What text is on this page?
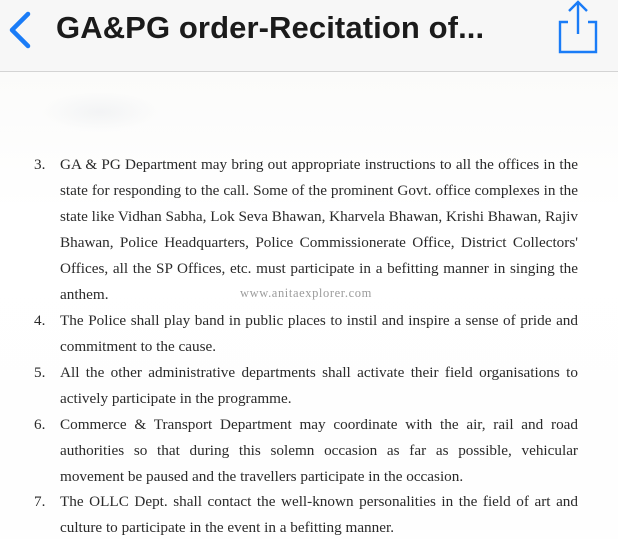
GA&PG order-Recitation of...
3. GA & PG Department may bring out appropriate instructions to all the offices in the state for responding to the call. Some of the prominent Govt. office complexes in the state like Vidhan Sabha, Lok Seva Bhawan, Kharvela Bhawan, Krishi Bhawan, Rajiv Bhawan, Police Headquarters, Police Commissionerate Office, District Collectors' Offices, all the SP Offices, etc. must participate in a befitting manner in singing the anthem.
4. The Police shall play band in public places to instil and inspire a sense of pride and commitment to the cause.
5. All the other administrative departments shall activate their field organisations to actively participate in the programme.
6. Commerce & Transport Department may coordinate with the air, rail and road authorities so that during this solemn occasion as far as possible, vehicular movement be paused and the travellers participate in the occasion.
7. The OLLC Dept. shall contact the well-known personalities in the field of art and culture to participate in the event in a befitting manner.
www.anitaexplorer.com
